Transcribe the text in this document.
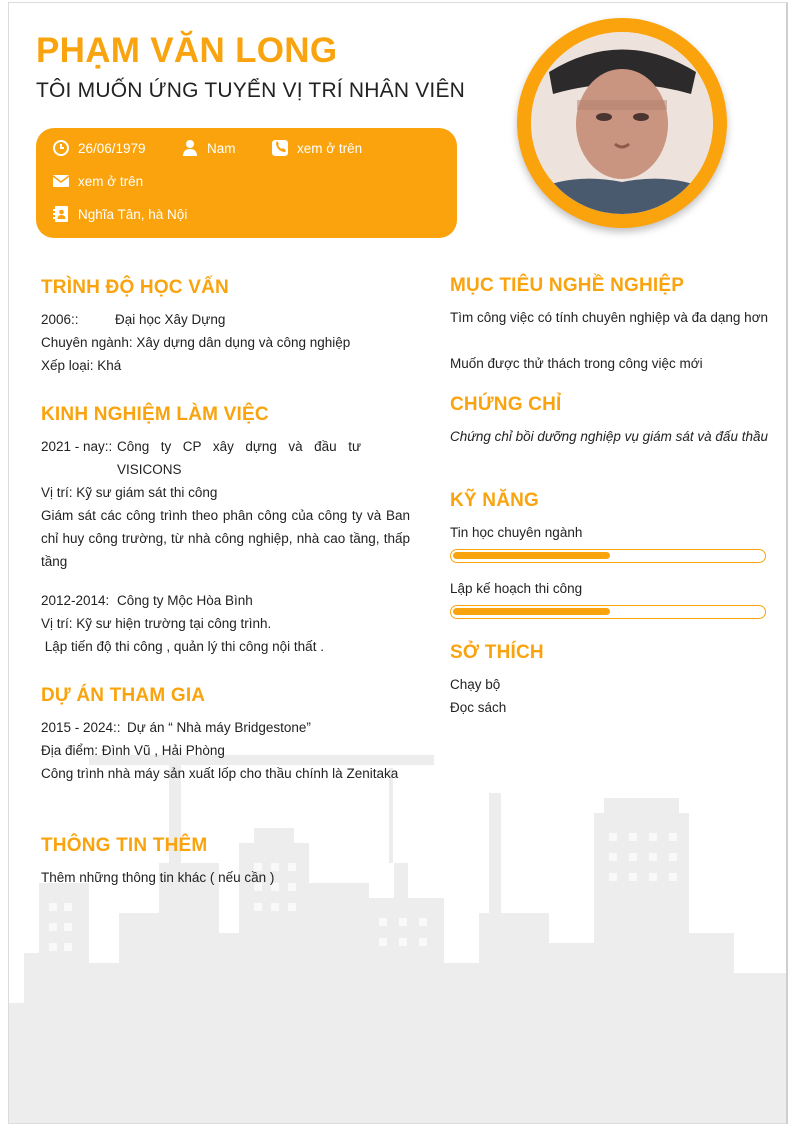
PHẠM VĂN LONG
TÔI MUỐN ỨNG TUYỂN VỊ TRÍ NHÂN VIÊN
26/06/1979	Nam	xem ở trên
xem ở trên
Nghĩa Tân, hà Nội
TRÌNH ĐỘ HỌC VẤN
2006::	Đại học Xây Dựng
Chuyên ngành: Xây dựng dân dụng và công nghiệp
Xếp loại: Khá
KINH NGHIỆM LÀM VIỆC
2021 - nay:: Công ty CP xây dựng và đầu tư VISICONS
Vị trí: Kỹ sư giám sát thi công
Giám sát các công trình theo phân công của công ty và Ban chỉ huy công trường, từ nhà công nghiệp, nhà cao tầng, thấp tầng
2012-2014: Công ty Mộc Hòa Bình
Vị trí: Kỹ sư hiện trường tại công trình.
Lập tiến độ thi công , quản lý thi công nội thất .
DỰ ÁN THAM GIA
2015 - 2024:: Dự án “ Nhà máy Bridgestone”
Địa điểm: Đình Vũ , Hải Phòng
Công trình nhà máy sản xuất lốp cho thầu chính là Zenitaka
THÔNG TIN THÊM
Thêm những thông tin khác ( nếu cần )
MỤC TIÊU NGHỀ NGHIỆP
Tìm công việc có tính chuyên nghiệp và đa dạng hơn
Muốn được thử thách trong công việc mới
CHỨNG CHỈ
Chứng chỉ bồi dưỡng nghiệp vụ giám sát và đấu thầu
KỸ NĂNG
Tin học chuyên ngành
Lập kế hoạch thi công
SỞ THÍCH
Chạy bộ
Đọc sách
